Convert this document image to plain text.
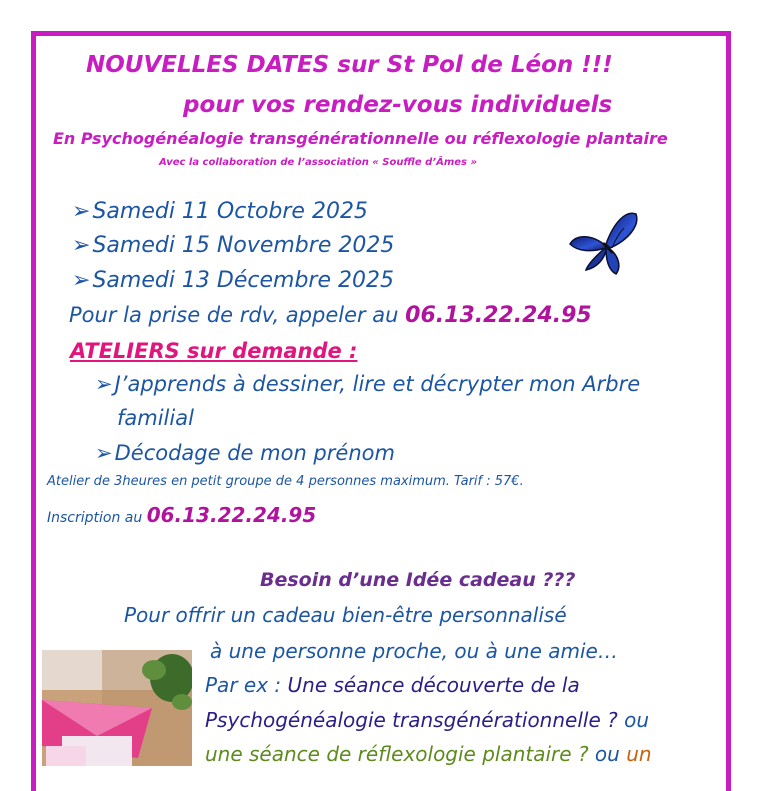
NOUVELLES DATES sur St Pol de Léon !!!
pour vos rendez-vous individuels
En Psychogénéalogie transgénérationnelle ou réflexologie plantaire
Avec la collaboration de l’association « Souffle d’Âmes »
➢Samedi 11 Octobre 2025
➢Samedi 15 Novembre 2025
➢Samedi 13 Décembre 2025
Pour la prise de rdv, appeler au 06.13.22.24.95
ATELIERS sur demande :
➢J’apprends à dessiner, lire et décrypter mon Arbre
familial
➢Décodage de mon prénom
Atelier de 3heures en petit groupe de 4 personnes maximum. Tarif : 57€.
Inscription au 06.13.22.24.95
Besoin d’une Idée cadeau ???
Pour offrir un cadeau bien-être personnalisé
à une personne proche, ou à une amie…
Par ex : Une séance découverte de la
Psychogénéalogie transgénérationnelle ? ou
une séance de réflexologie plantaire ? ou un
